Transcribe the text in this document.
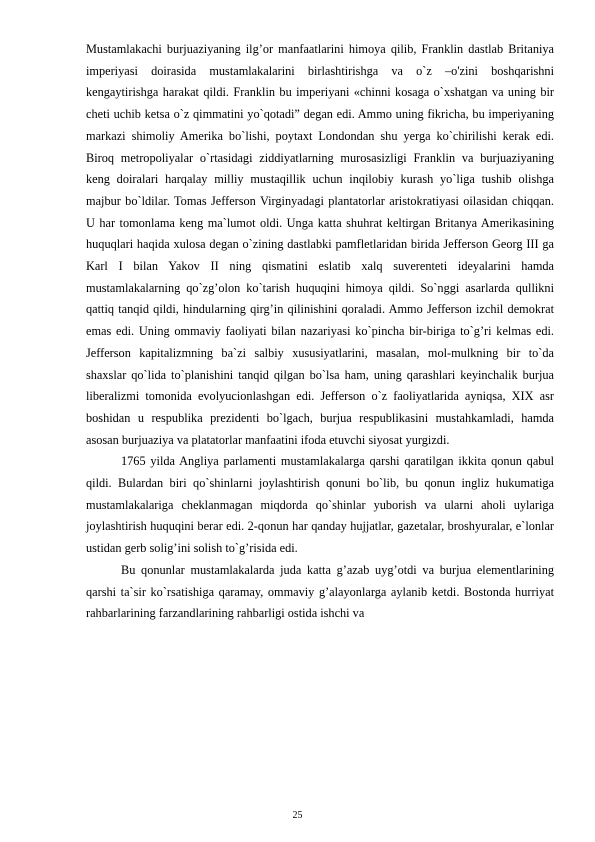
Mustamlakachi burjuaziyaning ilg’or manfaatlarini himoya qilib, Franklin dastlab Britaniya imperiyasi doirasida mustamlakalarini birlashtirishga va o`z –o'zini boshqarishni kengaytirishga harakat qildi. Franklin bu imperiyani «chinni kosaga o`xshatgan va uning bir cheti uchib ketsa o`z qimmatini yo`qotadi” degan edi. Ammo uning fikricha, bu imperiyaning markazi shimoliy Amerika bo`lishi, poytaxt Londondan shu yerga ko`chirilishi kerak edi. Biroq metropoliyalar o`rtasidagi ziddiyatlarning murosasizligi Franklin va burjuaziyaning keng doiralari harqalay milliy mustaqillik uchun inqilobiy kurash yo`liga tushib olishga majbur bo`ldilar. Tomas Jefferson Virginyadagi plantatorlar aristokratiyasi oilasidan chiqqan. U har tomonlama keng ma`lumot oldi. Unga katta shuhrat keltirgan Britanya Amerikasining huquqlari haqida xulosa degan o`zining dastlabki pamfletlaridan birida Jefferson Georg III ga Karl I bilan Yakov II ning qismatini eslatib xalq suverenteti ideyalarini hamda mustamlakalarning qo`zg’olon ko`tarish huquqini himoya qildi. So`nggi asarlarda qullikni qattiq tanqid qildi, hindularning qirg’in qilinishini qoraladi. Ammo Jefferson izchil demokrat emas edi. Uning ommaviy faoliyati bilan nazariyasi ko`pincha bir-biriga to`g’ri kelmas edi. Jefferson kapitalizmning ba`zi salbiy xususiyatlarini, masalan, mol-mulkning bir to`da shaxslar qo`lida to`planishini tanqid qilgan bo`lsa ham, uning qarashlari keyinchalik burjua liberalizmi tomonida evolyucionlashgan edi. Jefferson o`z faoliyatlarida ayniqsa, XIX asr boshidan u respublika prezidenti bo`lgach, burjua respublikasini mustahkamladi, hamda asosan burjuaziya va platatorlar manfaatini ifoda etuvchi siyosat yurgizdi.

1765 yilda Angliya parlamenti mustamlakalarga qarshi qaratilgan ikkita qonun qabul qildi. Bulardan biri qo`shinlarni joylashtirish qonuni bo`lib, bu qonun ingliz hukumatiga mustamlakalariga cheklanmagan miqdorda qo`shinlar yuborish va ularni aholi uylariga joylashtirish huquqini berar edi. 2-qonun har qanday hujjatlar, gazetalar, broshyuralar, e`lonlar ustidan gerb solig’ini solish to`g’risida edi.

Bu qonunlar mustamlakalarda juda katta g’azab uyg’otdi va burjua elementlarining qarshi ta`sir ko`rsatishiga qaramay, ommaviy g’alayonlarga aylanib ketdi. Bostonda hurriyat rahbarlarining farzandlarining rahbarligi ostida ishchi va

25
